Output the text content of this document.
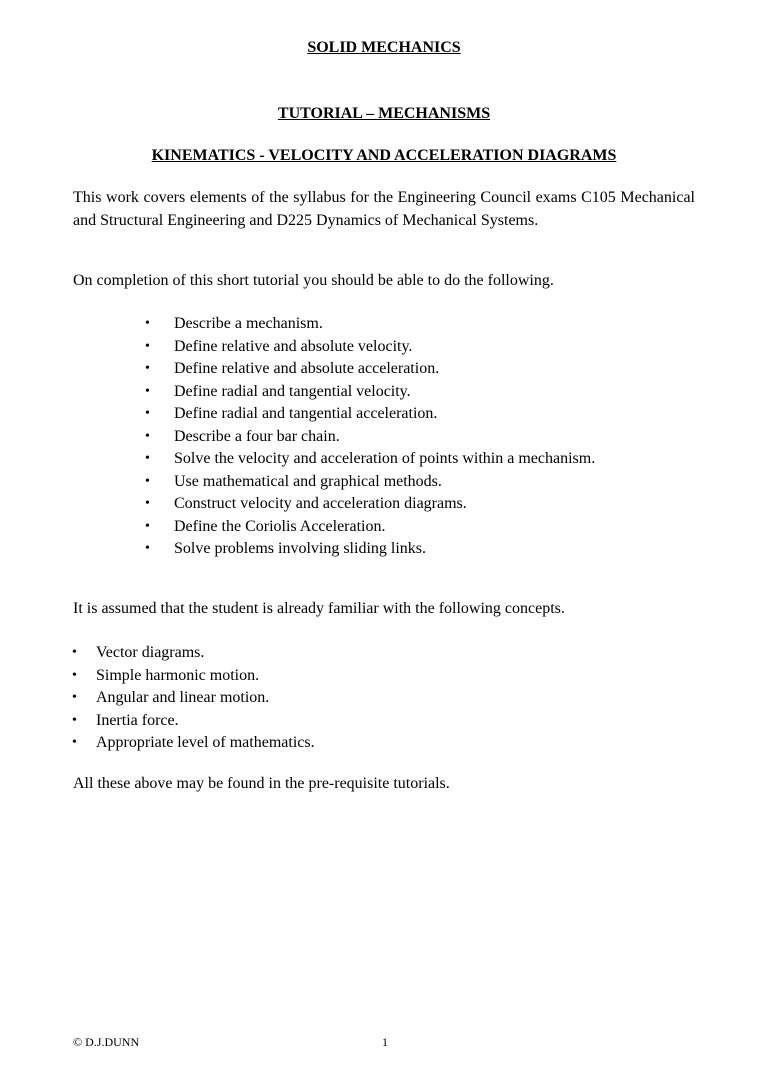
SOLID MECHANICS
TUTORIAL – MECHANISMS
KINEMATICS - VELOCITY AND ACCELERATION DIAGRAMS
This work covers elements of the syllabus for the Engineering Council exams C105 Mechanical and Structural Engineering and D225 Dynamics of Mechanical Systems.
On completion of this short tutorial you should be able to do the following.
• Describe a mechanism.
• Define relative and absolute velocity.
• Define relative and absolute acceleration.
• Define radial and tangential velocity.
• Define radial and tangential acceleration.
• Describe a four bar chain.
• Solve the velocity and acceleration of points within a mechanism.
• Use mathematical and graphical methods.
• Construct velocity and acceleration diagrams.
• Define the Coriolis Acceleration.
• Solve problems involving sliding links.
It is assumed that the student is already familiar with the following concepts.
• Vector diagrams.
• Simple harmonic motion.
• Angular and linear motion.
• Inertia force.
• Appropriate level of mathematics.
All these above may be found in the pre-requisite tutorials.
© D.J.DUNN	1
